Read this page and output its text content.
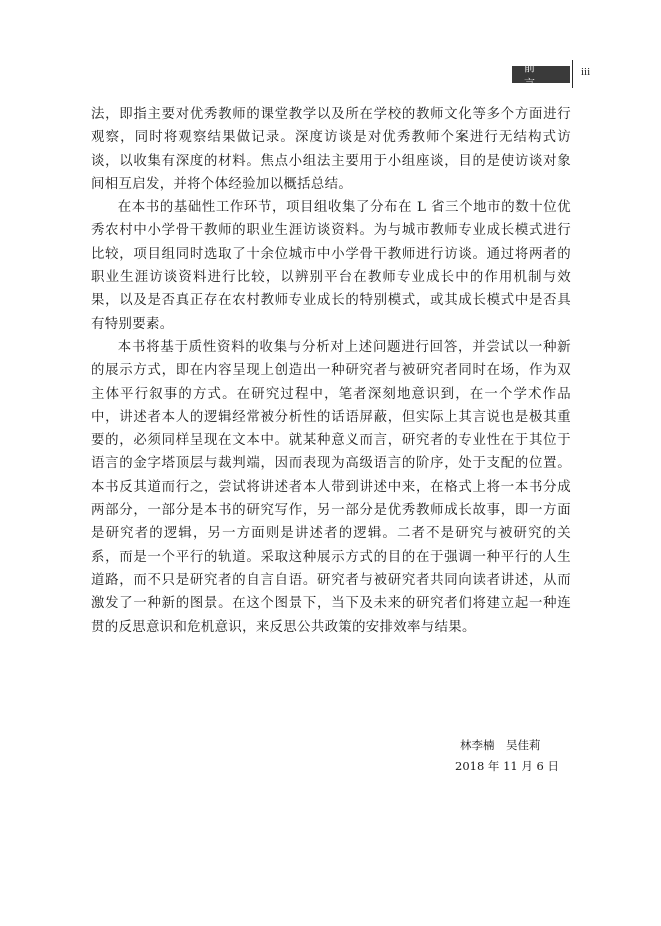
前 言
iii

法，即指主要对优秀教师的课堂教学以及所在学校的教师文化等多个方面进行观察，同时将观察结果做记录。深度访谈是对优秀教师个案进行无结构式访谈，以收集有深度的材料。焦点小组法主要用于小组座谈，目的是使访谈对象间相互启发，并将个体经验加以概括总结。

在本书的基础性工作环节，项目组收集了分布在 L 省三个地市的数十位优秀农村中小学骨干教师的职业生涯访谈资料。为与城市教师专业成长模式进行比较，项目组同时选取了十余位城市中小学骨干教师进行访谈。通过将两者的职业生涯访谈资料进行比较，以辨别平台在教师专业成长中的作用机制与效果，以及是否真正存在农村教师专业成长的特别模式，或其成长模式中是否具有特别要素。

本书将基于质性资料的收集与分析对上述问题进行回答，并尝试以一种新的展示方式，即在内容呈现上创造出一种研究者与被研究者同时在场，作为双主体平行叙事的方式。在研究过程中，笔者深刻地意识到，在一个学术作品中，讲述者本人的逻辑经常被分析性的话语屏蔽，但实际上其言说也是极其重要的，必须同样呈现在文本中。就某种意义而言，研究者的专业性在于其位于语言的金字塔顶层与裁判端，因而表现为高级语言的阶序，处于支配的位置。本书反其道而行之，尝试将讲述者本人带到讲述中来，在格式上将一本书分成两部分，一部分是本书的研究写作，另一部分是优秀教师成长故事，即一方面是研究者的逻辑，另一方面则是讲述者的逻辑。二者不是研究与被研究的关系，而是一个平行的轨道。采取这种展示方式的目的在于强调一种平行的人生道路，而不只是研究者的自言自语。研究者与被研究者共同向读者讲述，从而激发了一种新的图景。在这个图景下，当下及未来的研究者们将建立起一种连贯的反思意识和危机意识，来反思公共政策的安排效率与结果。

林李楠　吴佳莉
2018 年 11 月 6 日
